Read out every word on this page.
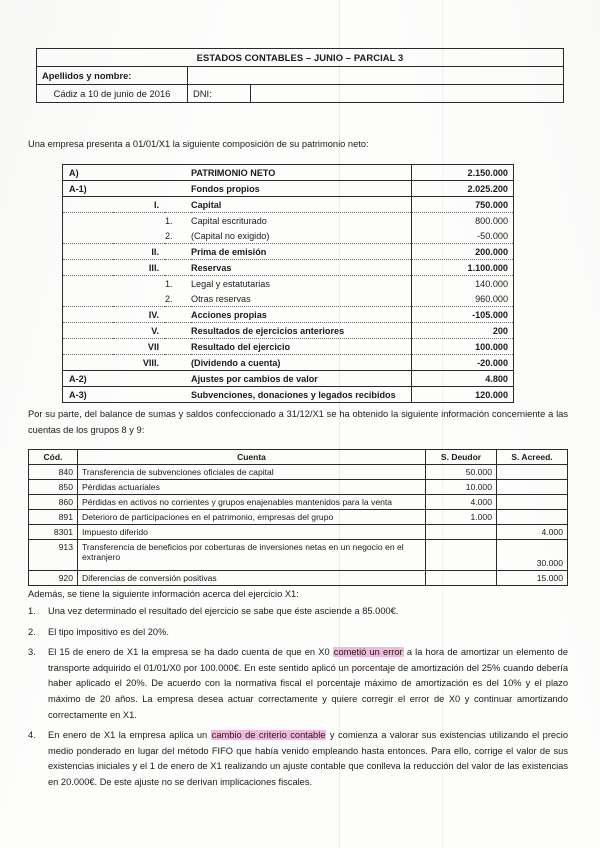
ESTADOS CONTABLES – JUNIO – PARCIAL 3		
Apellidos y nombre:		
Cádiz a 10 de junio de 2016	DNI:	
Una empresa presenta a 01/01/X1 la siguiente composición de su patrimonio neto:
A)			PATRIMONIO NETO	2.150.000
A-1)			Fondos propios	2.025.200
	I.		Capital	750.000
		1.	Capital escriturado	800.000
		2.	(Capital no exigido)	-50.000
	II.		Prima de emisión	200.000
	III.		Reservas	1.100.000
		1.	Legal y estatutarias	140.000
		2.	Otras reservas	960.000
	IV.		Acciones propias	-105.000
	V.		Resultados de ejercicios anteriores	200
	VII		Resultado del ejercicio	100.000
	VIII.		(Dividendo a cuenta)	-20.000
A-2)			Ajustes por cambios de valor	4.800
A-3)			Subvenciones, donaciones y legados recibidos	120.000
Por su parte, del balance de sumas y saldos confeccionado a 31/12/X1 se ha obtenido la siguiente información concerniente a las cuentas de los grupos 8 y 9:
Cód.	Cuenta	S. Deudor	S. Acreed.
840	Transferencia de subvenciones oficiales de capital	50.000	
850	Pérdidas actuariales	10.000	
860	Pérdidas en activos no corrientes y grupos enajenables mantenidos para la venta	4.000	
891	Deterioro de participaciones en el patrimonio, empresas del grupo	1.000	
8301	Impuesto diferido		4.000
913	Transferencia de beneficios por coberturas de inversiones netas en un negocio en el extranjero		30.000
920	Diferencias de conversión positivas		15.000
Además, se tiene la siguiente información acerca del ejercicio X1:
1.	Una vez determinado el resultado del ejercicio se sabe que éste asciende a 85.000€.
2.	El tipo impositivo es del 20%.
3.	El 15 de enero de X1 la empresa se ha dado cuenta de que en X0 cometió un error a la hora de amortizar un elemento de transporte adquirido el 01/01/X0 por 100.000€. En este sentido aplicó un porcentaje de amortización del 25% cuando debería haber aplicado el 20%. De acuerdo con la normativa fiscal el porcentaje máximo de amortización es del 10% y el plazo máximo de 20 años. La empresa desea actuar correctamente y quiere corregir el error de X0 y continuar amortizando correctamente en X1.
4.	En enero de X1 la empresa aplica un cambio de criterio contable y comienza a valorar sus existencias utilizando el precio medio ponderado en lugar del método FIFO que había venido empleando hasta entonces. Para ello, corrige el valor de sus existencias iniciales y el 1 de enero de X1 realizando un ajuste contable que conlleva la reducción del valor de las existencias en 20.000€. De este ajuste no se derivan implicaciones fiscales.
